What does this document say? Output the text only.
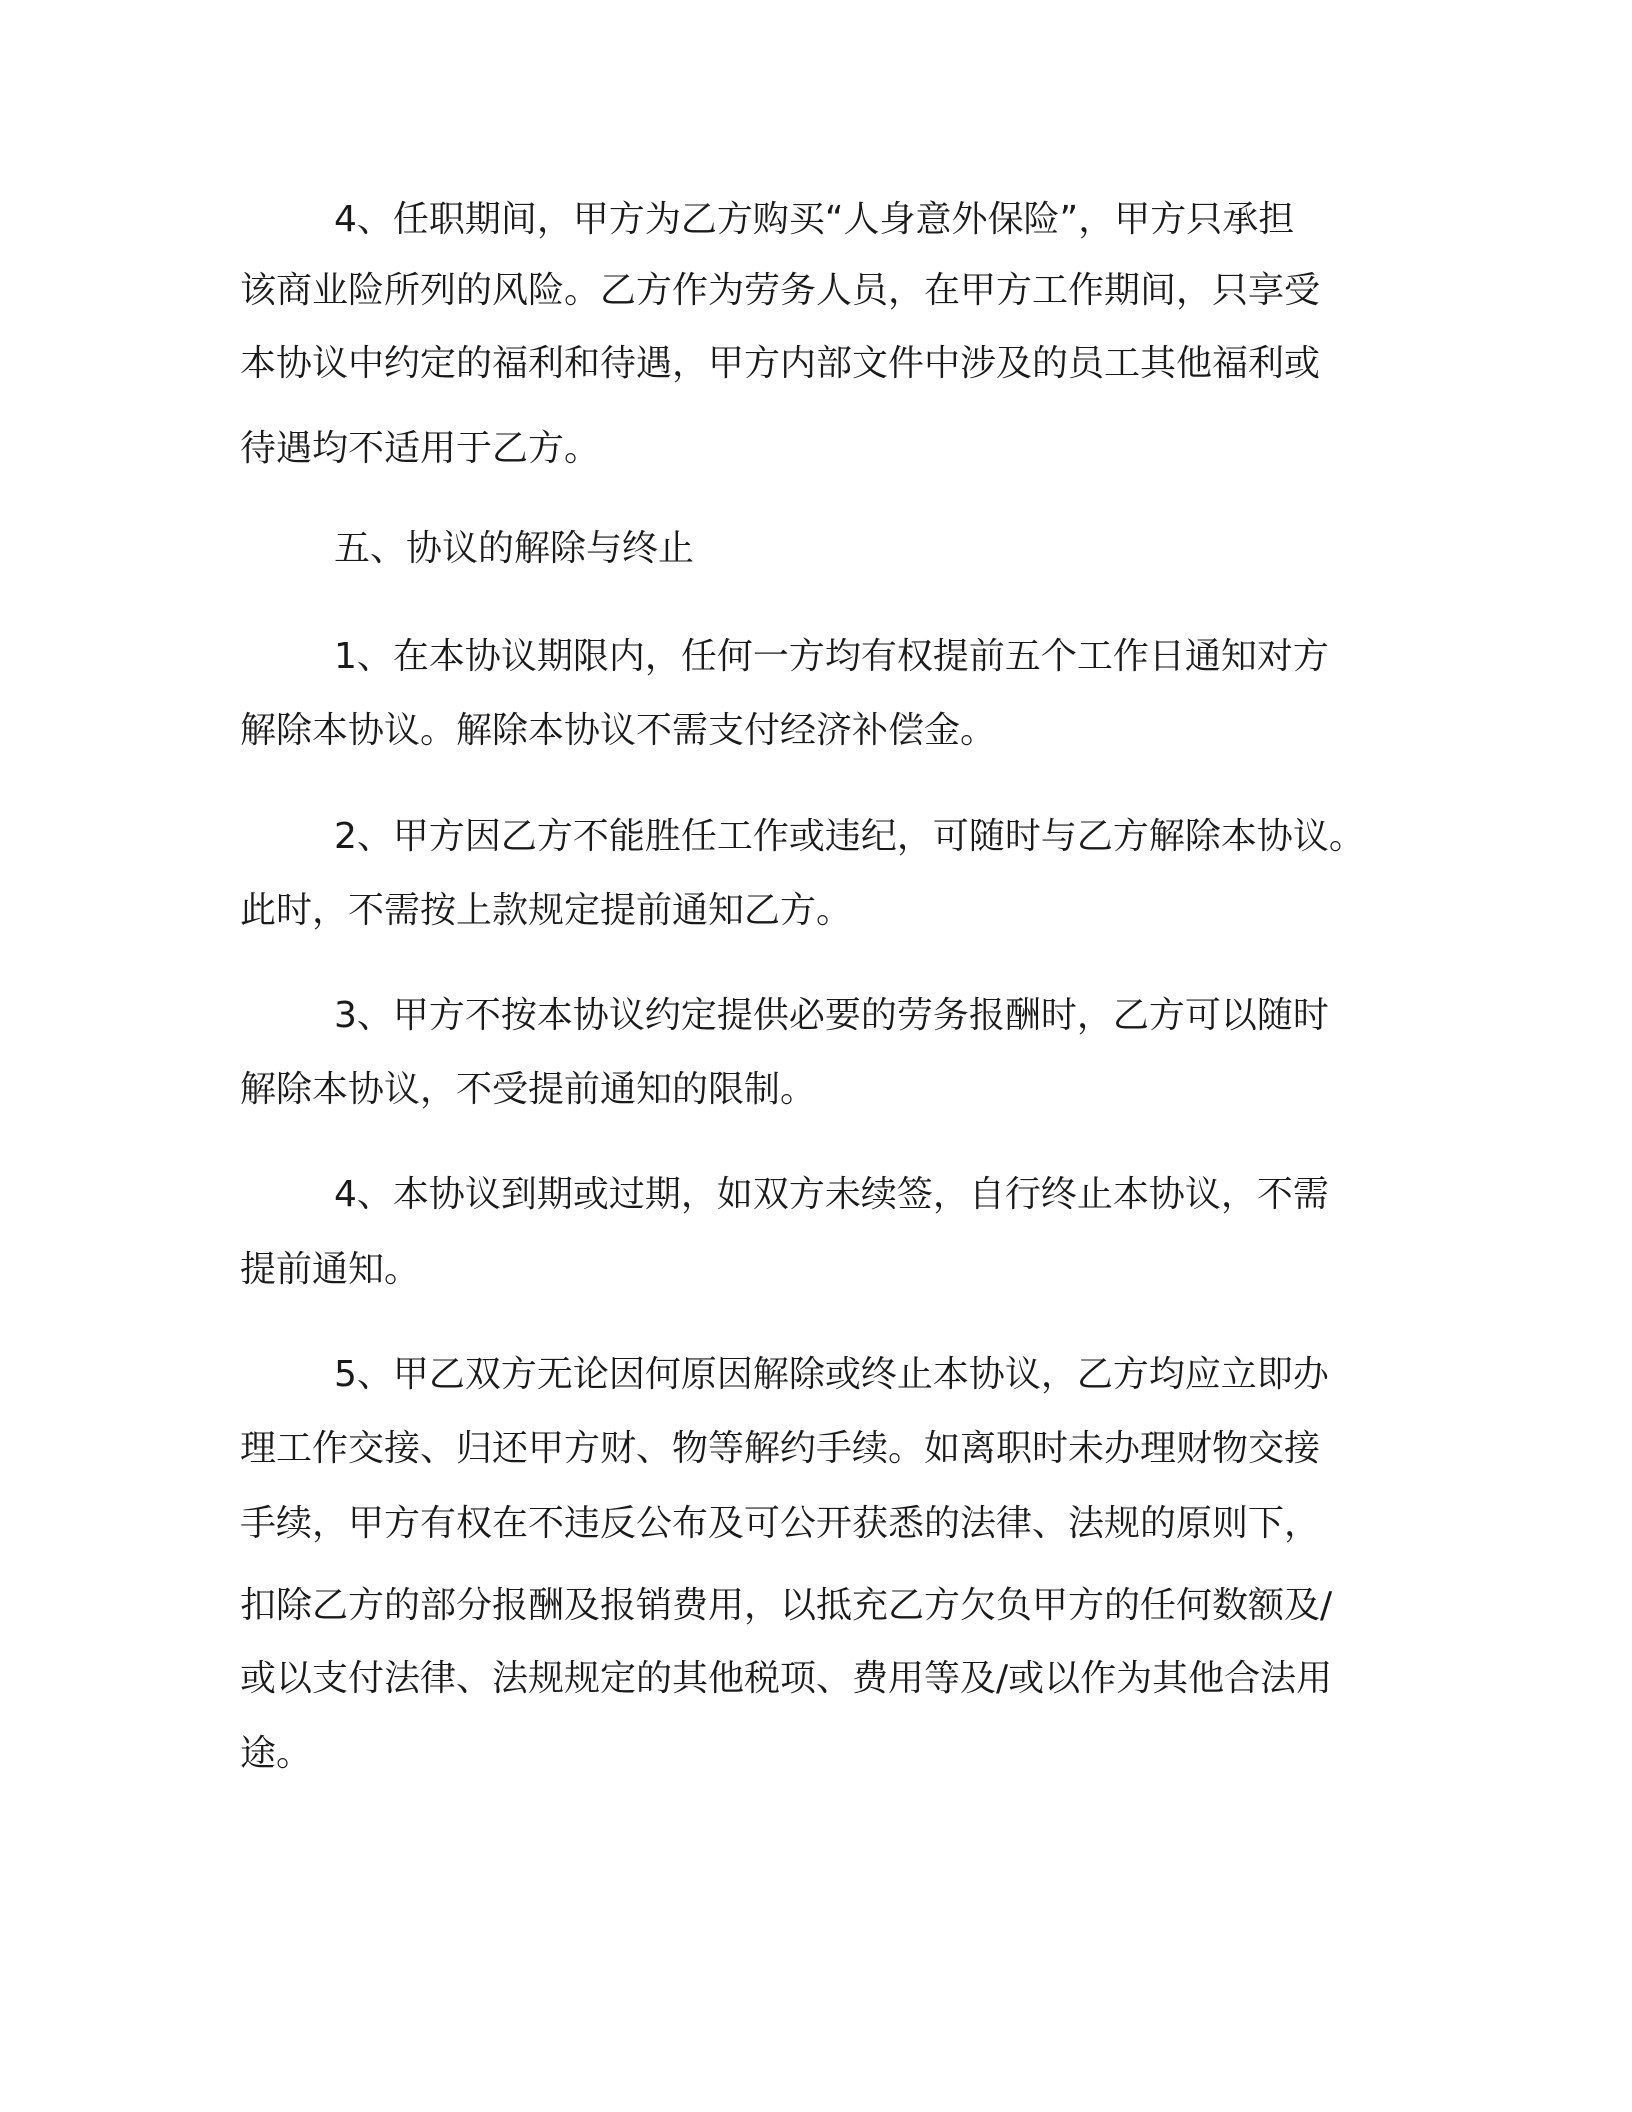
4、任职期间，甲方为乙方购买“人身意外保险”，甲方只承担

该商业险所列的风险。乙方作为劳务人员，在甲方工作期间，只享受

本协议中约定的福利和待遇，甲方内部文件中涉及的员工其他福利或

待遇均不适用于乙方。

五、协议的解除与终止

1、在本协议期限内，任何一方均有权提前五个工作日通知对方

解除本协议。解除本协议不需支付经济补偿金。

2、甲方因乙方不能胜任工作或违纪，可随时与乙方解除本协议。

此时，不需按上款规定提前通知乙方。

3、甲方不按本协议约定提供必要的劳务报酬时，乙方可以随时

解除本协议，不受提前通知的限制。

4、本协议到期或过期，如双方未续签，自行终止本协议，不需

提前通知。

5、甲乙双方无论因何原因解除或终止本协议，乙方均应立即办

理工作交接、归还甲方财、物等解约手续。如离职时未办理财物交接

手续，甲方有权在不违反公布及可公开获悉的法律、法规的原则下，

扣除乙方的部分报酬及报销费用，以抵充乙方欠负甲方的任何数额及/

或以支付法律、法规规定的其他税项、费用等及/或以作为其他合法用

途。
